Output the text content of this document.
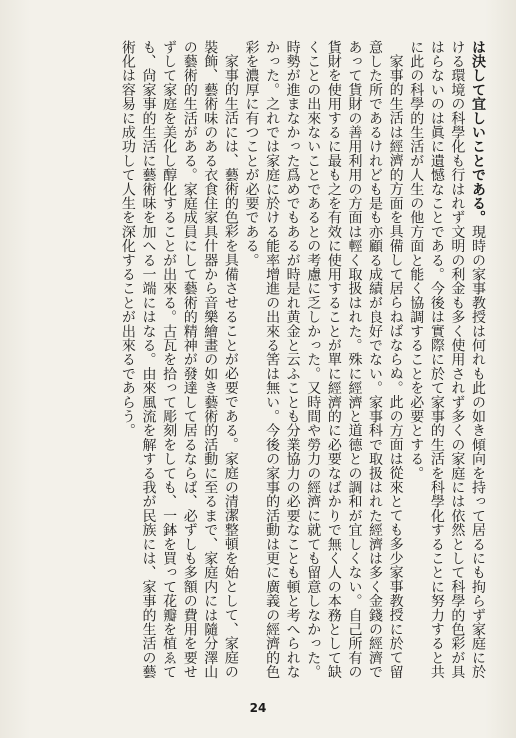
は決して宜しいことである。現時の家事教授は何れも此の如き傾向を持って居るにも拘らず家庭に於ける環境の科學化も行はれず文明の利金も多く使用されず多くの家庭には依然として科學的色彩が具はらないのは眞に遺憾なことである。今後は實際に於て家事的生活を科學化することに努力すると共に此の科學的生活が人生の他方面と能く協調することを必要とする。

家事的生活は經濟的方面を具備して居らねばならぬ。此の方面は從來とても多少家事教授に於て留意した所であるけれども是も亦顧る成績が良好でない。家事科で取扱はれた經濟は多く金錢の經濟であって貨財の善用利用の方面は輕く取扱はれた。殊に經濟と道德との調和が宜しくない。自己所有の貨財を使用するに最も之を有效に使用することが單に經濟的に必要なばかりで無く人の本務として缺くことの出來ないことであるとの考慮に乏しかった。又時間や勞力の經濟に就ても留意しなかった。時勢が進まなかった爲めでもあるが時是れ黄金と云ふことも分業協力の必要なことも頓と考へられなかった。之れでは家庭に於ける能率增進の出來る筈は無い。今後の家事的活動は更に廣義の經濟的色彩を濃厚に有つことが必要である。

家事的生活には、藝術的色彩を具備させることが必要である。家庭の清潔整頓を始として、家庭の裝飾、藝術味のある衣食住家具什器から音樂繪畫の如き藝術的活動に至るまで、家庭内には隨分澤山の藝術的生活がある。家庭成員にして藝術的精神が發達して居るならば、必ずしも多額の費用を要せずして家庭を美化し醇化することが出來る。古瓦を拾って彫刻をしても、一鉢を買って花瓣を植ゑても、尙家事的生活に藝術味を加へる一端にはなる。由來風流を解する我が民族には、家事的生活の藝術化は容易に成功して人生を深化することが出來るであらう。

24
